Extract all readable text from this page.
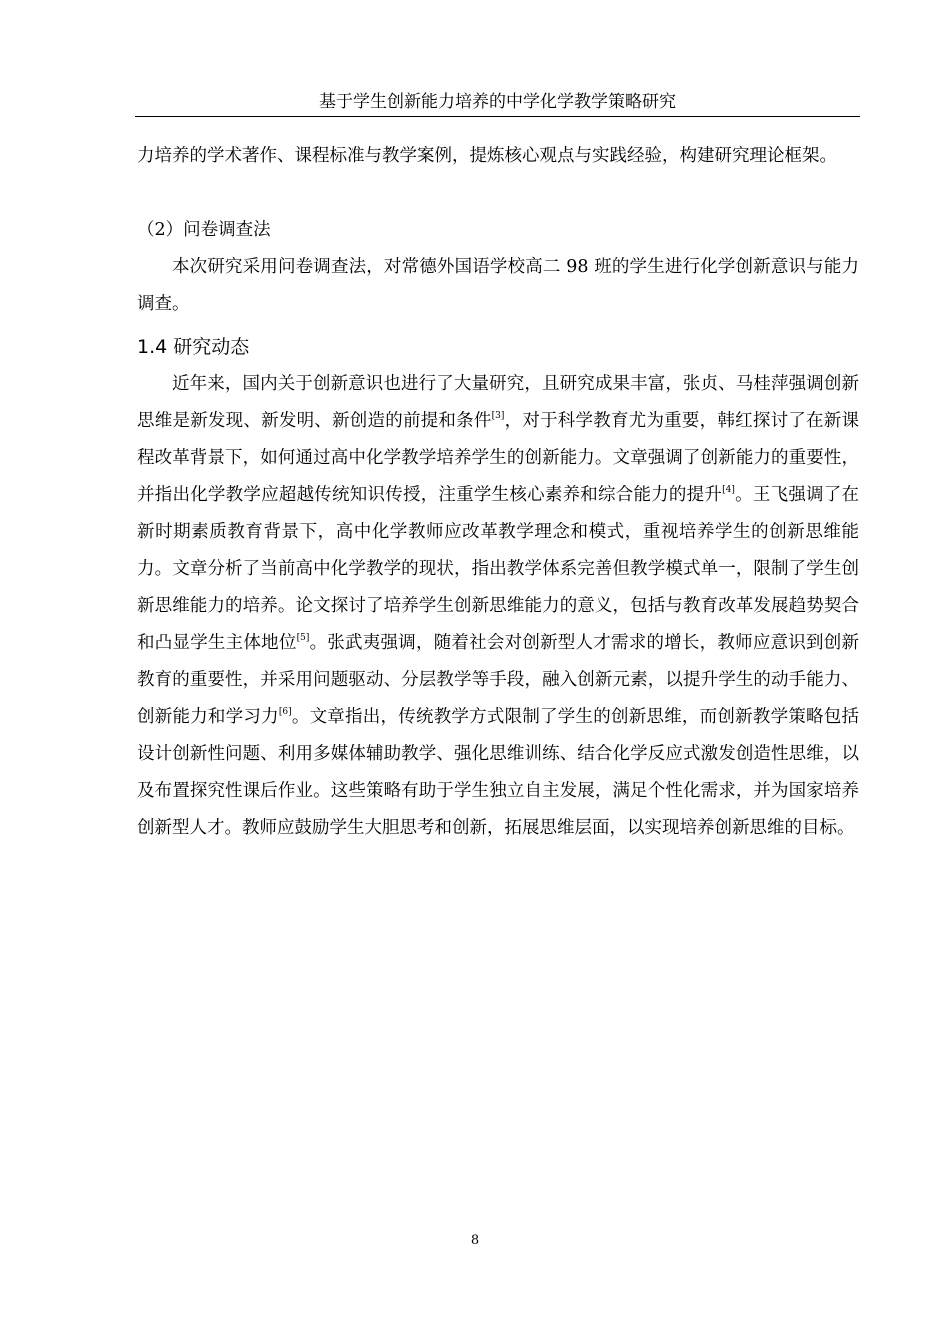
基于学生创新能力培养的中学化学教学策略研究

力培养的学术著作、课程标准与教学案例，提炼核心观点与实践经验，构建研究理论框架。

（2）问卷调查法

本次研究采用问卷调查法，对常德外国语学校高二 98 班的学生进行化学创新意识与能力调查。

1.4 研究动态

近年来，国内关于创新意识也进行了大量研究，且研究成果丰富，张贞、马桂萍强调创新思维是新发现、新发明、新创造的前提和条件[3]，对于科学教育尤为重要，韩红探讨了在新课程改革背景下，如何通过高中化学教学培养学生的创新能力。文章强调了创新能力的重要性，并指出化学教学应超越传统知识传授，注重学生核心素养和综合能力的提升[4]。王飞强调了在新时期素质教育背景下，高中化学教师应改革教学理念和模式，重视培养学生的创新思维能力。文章分析了当前高中化学教学的现状，指出教学体系完善但教学模式单一，限制了学生创新思维能力的培养。论文探讨了培养学生创新思维能力的意义，包括与教育改革发展趋势契合和凸显学生主体地位[5]。张武夷强调，随着社会对创新型人才需求的增长，教师应意识到创新教育的重要性，并采用问题驱动、分层教学等手段，融入创新元素，以提升学生的动手能力、创新能力和学习力[6]。文章指出，传统教学方式限制了学生的创新思维，而创新教学策略包括设计创新性问题、利用多媒体辅助教学、强化思维训练、结合化学反应式激发创造性思维，以及布置探究性课后作业。这些策略有助于学生独立自主发展，满足个性化需求，并为国家培养创新型人才。教师应鼓励学生大胆思考和创新，拓展思维层面，以实现培养创新思维的目标。

8
